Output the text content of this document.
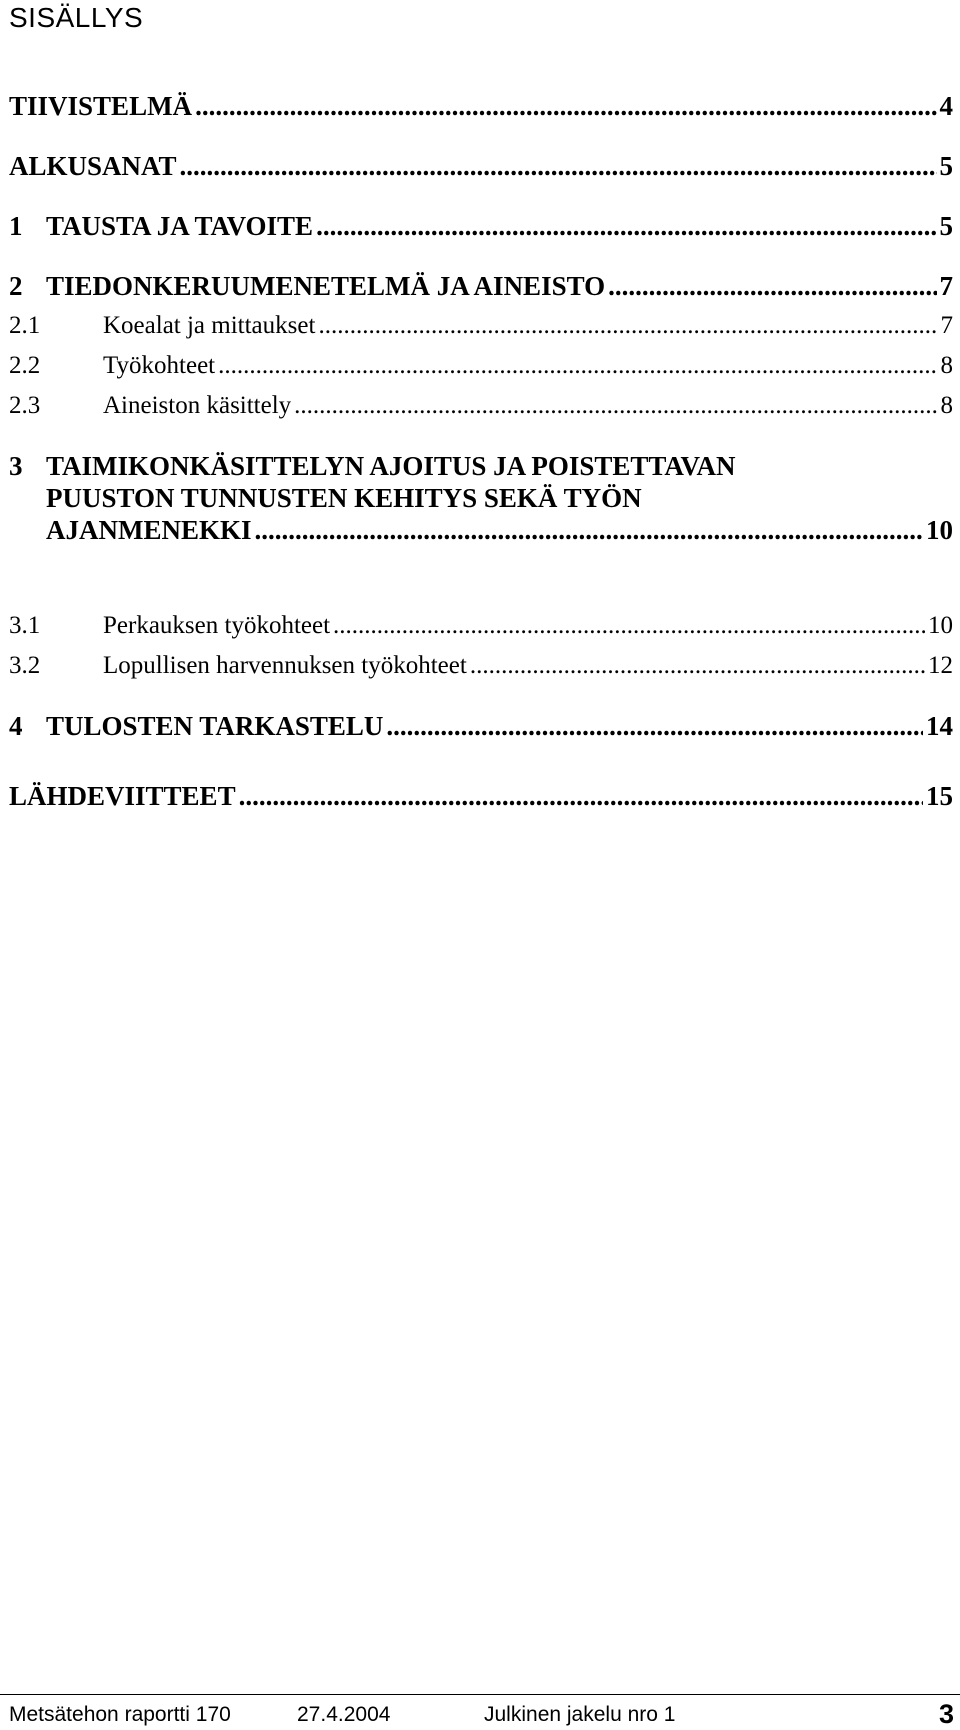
SISÄLLYS
TIIVISTELMÄ .....	4
ALKUSANAT .....	5
1 TAUSTA JA TAVOITE .....	5
2 TIEDONKERUUMENETELMÄ JA AINEISTO .....	7
2.1	Koealat ja mittaukset .....	7
2.2	Työkohteet .....	8
2.3	Aineiston käsittely .....	8
3 TAIMIKONKÄSITTELYN AJOITUS JA POISTETTAVAN
PUUSTON TUNNUSTEN KEHITYS SEKÄ TYÖN
AJANMENEKKI .....	10
3.1	Perkauksen työkohteet .....	10
3.2	Lopullisen harvennuksen työkohteet .....	12
4 TULOSTEN TARKASTELU .....	14
LÄHDEVIITTEET .....	15
Metsätehon raportti 170	27.4.2004	Julkinen jakelu nro 1	3
